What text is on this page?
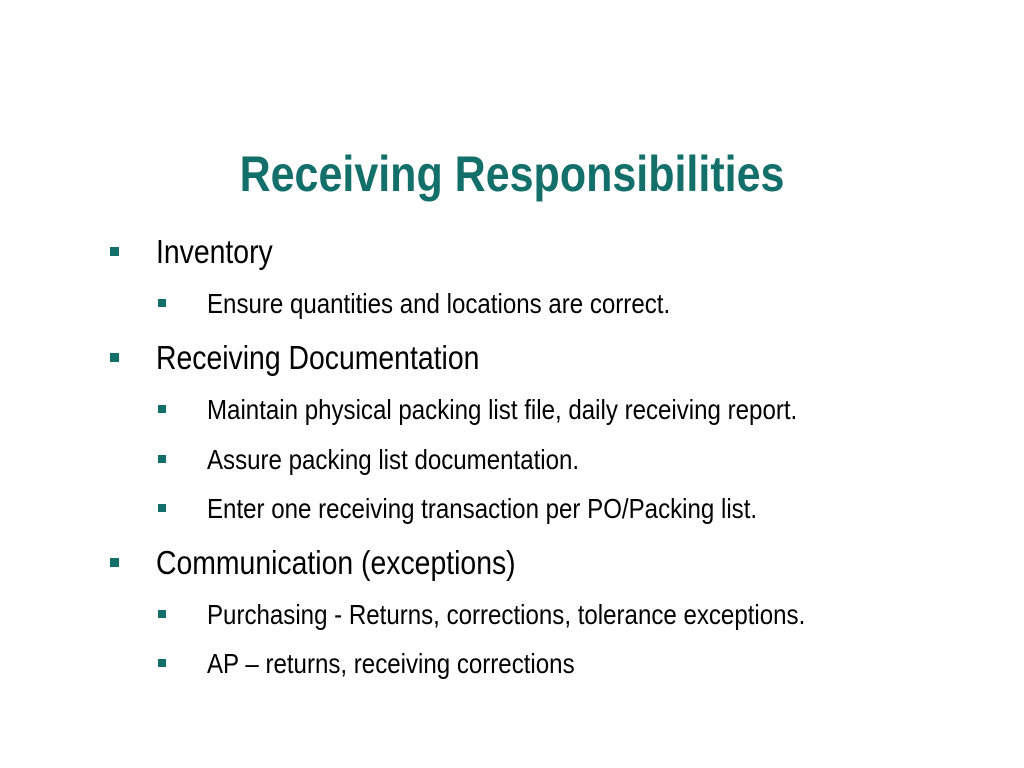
Receiving Responsibilities
Inventory
Ensure quantities and locations are correct.
Receiving Documentation
Maintain physical packing list file, daily receiving report.
Assure packing list documentation.
Enter one receiving transaction per PO/Packing list.
Communication (exceptions)
Purchasing - Returns, corrections, tolerance exceptions.
AP – returns, receiving corrections
